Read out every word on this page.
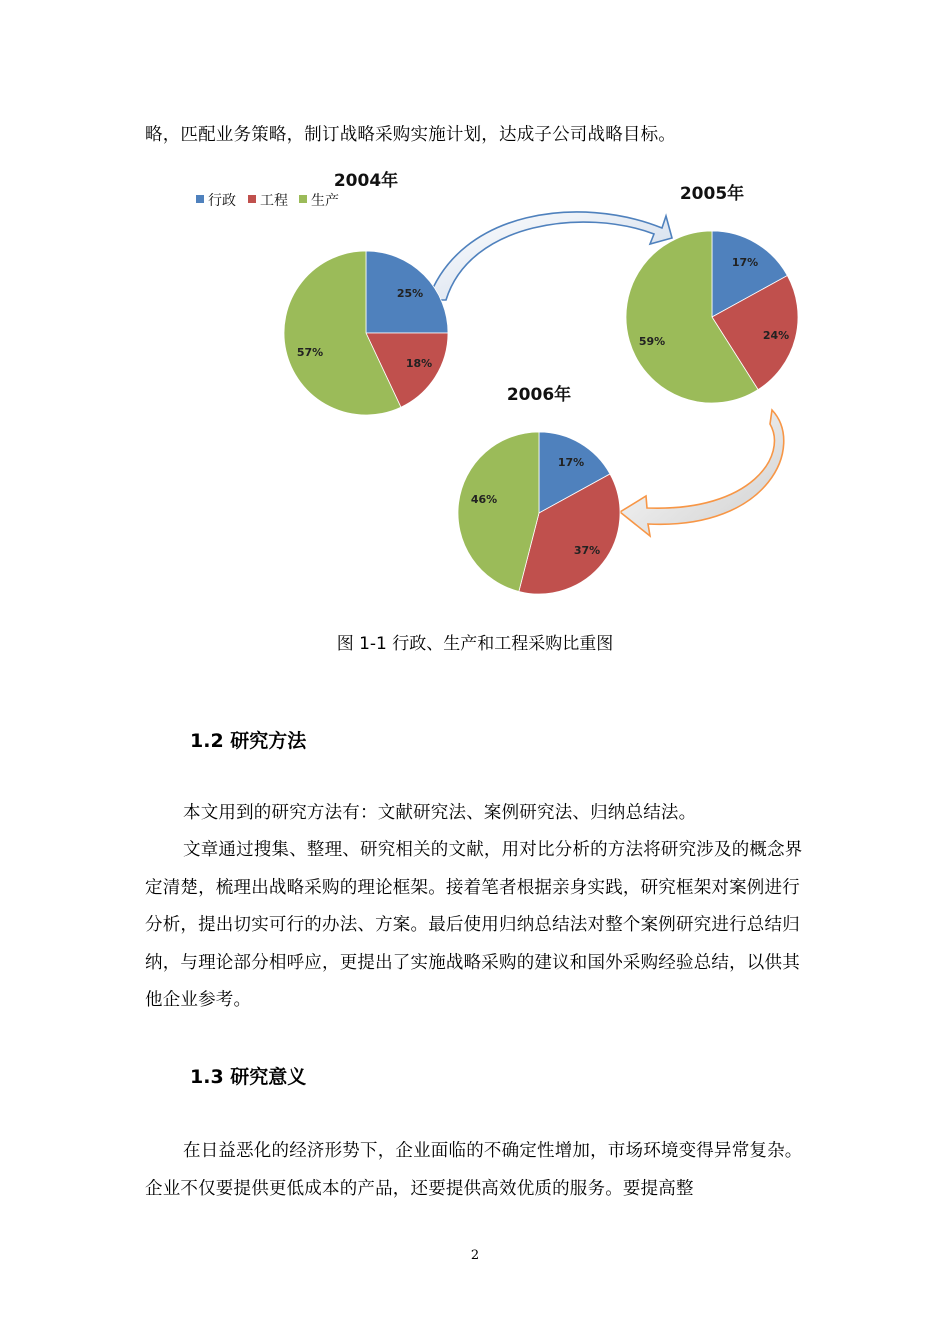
略，匹配业务策略，制订战略采购实施计划，达成子公司战略目标。
行政 工程 生产
2004年
25%
18%
57%
2005年
17%
24%
59%
2006年
17%
37%
46%
图 1-1 行政、生产和工程采购比重图
1.2 研究方法
本文用到的研究方法有：文献研究法、案例研究法、归纳总结法。
文章通过搜集、整理、研究相关的文献，用对比分析的方法将研究涉及的概念界定清楚，梳理出战略采购的理论框架。接着笔者根据亲身实践，研究框架对案例进行分析，提出切实可行的办法、方案。最后使用归纳总结法对整个案例研究进行总结归纳，与理论部分相呼应，更提出了实施战略采购的建议和国外采购经验总结，以供其他企业参考。
1.3 研究意义
在日益恶化的经济形势下，企业面临的不确定性增加，市场环境变得异常复杂。企业不仅要提供更低成本的产品，还要提供高效优质的服务。要提高整
2
